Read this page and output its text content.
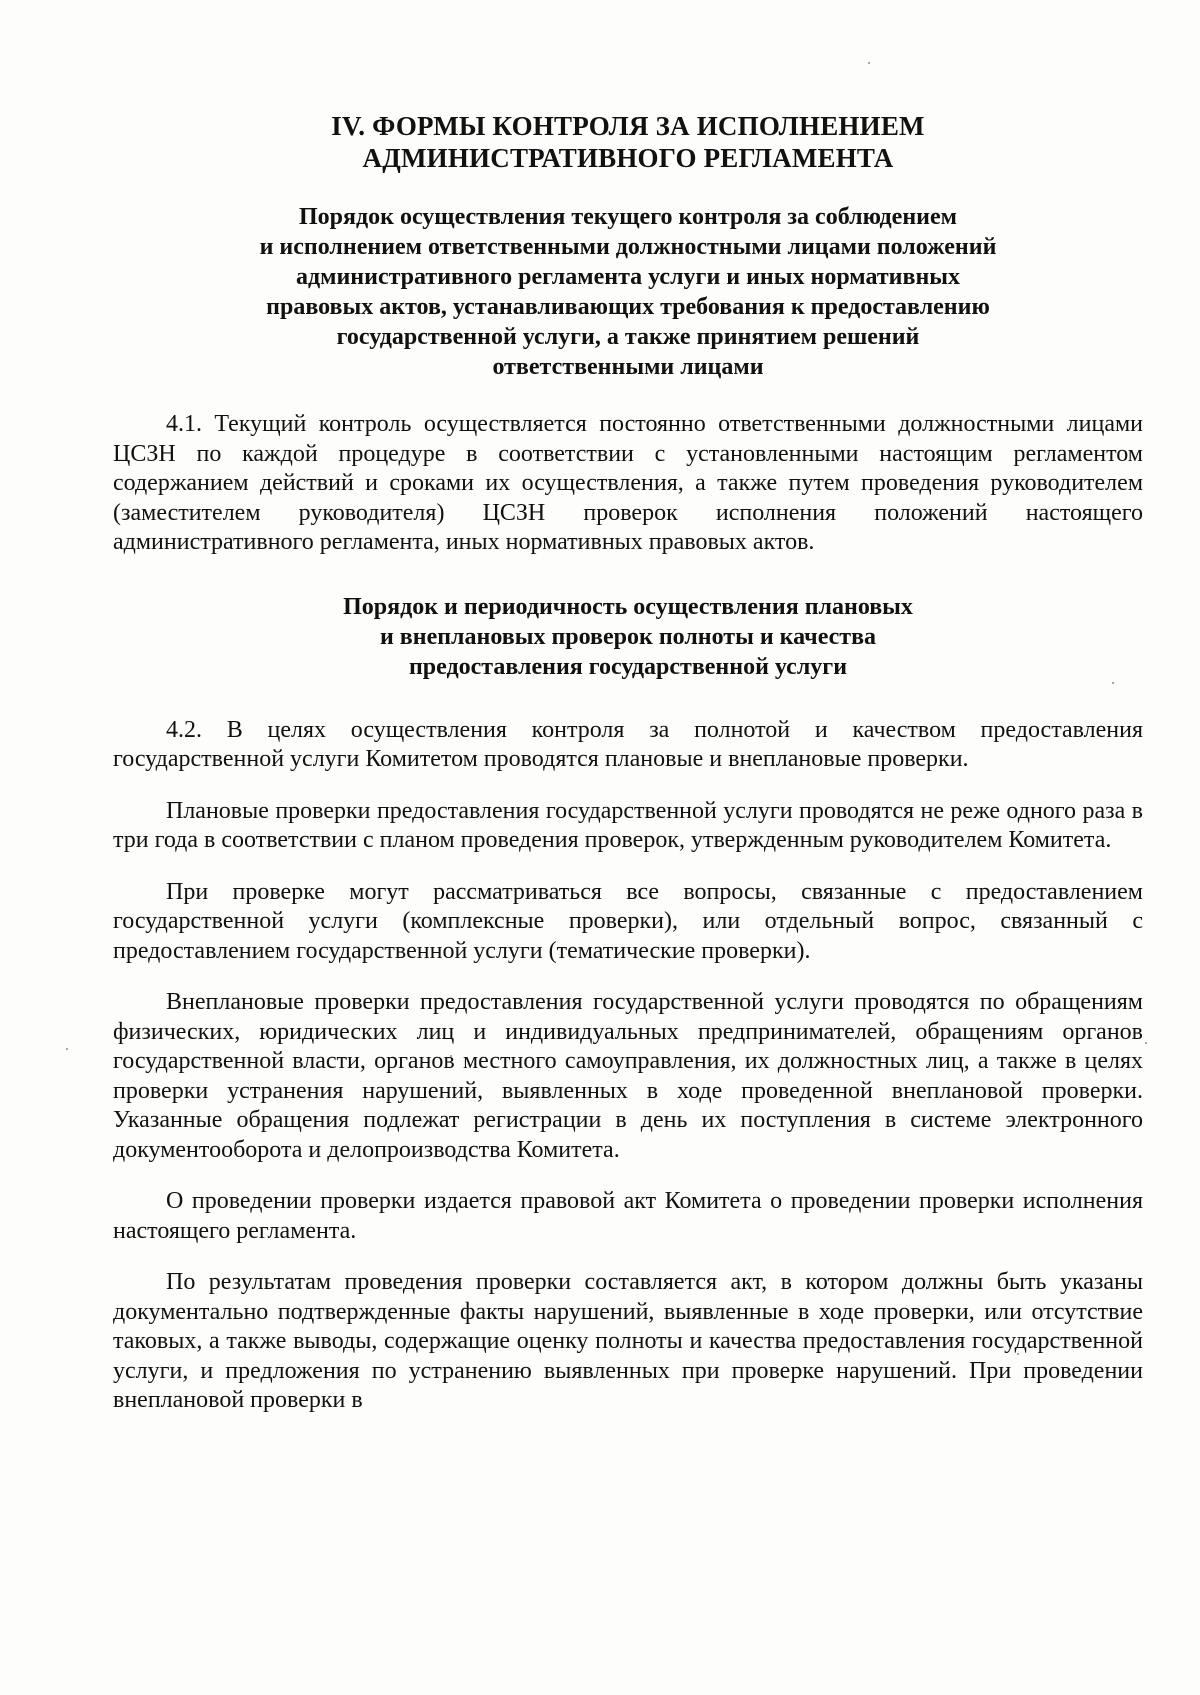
IV. ФОРМЫ КОНТРОЛЯ ЗА ИСПОЛНЕНИЕМ
АДМИНИСТРАТИВНОГО РЕГЛАМЕНТА
Порядок осуществления текущего контроля за соблюдением
и исполнением ответственными должностными лицами положений
административного регламента услуги и иных нормативных
правовых актов, устанавливающих требования к предоставлению
государственной услуги, а также принятием решений
ответственными лицами

4.1. Текущий контроль осуществляется постоянно ответственными должностными лицами ЦСЗН по каждой процедуре в соответствии с установленными настоящим регламентом содержанием действий и сроками их осуществления, а также путем проведения руководителем (заместителем руководителя) ЦСЗН проверок исполнения положений настоящего административного регламента, иных нормативных правовых актов.

Порядок и периодичность осуществления плановых
и внеплановых проверок полноты и качества
предоставления государственной услуги

4.2. В целях осуществления контроля за полнотой и качеством предоставления государственной услуги Комитетом проводятся плановые и внеплановые проверки.

Плановые проверки предоставления государственной услуги проводятся не реже одного раза в три года в соответствии с планом проведения проверок, утвержденным руководителем Комитета.

При проверке могут рассматриваться все вопросы, связанные с предоставлением государственной услуги (комплексные проверки), или отдельный вопрос, связанный с предоставлением государственной услуги (тематические проверки).

Внеплановые проверки предоставления государственной услуги проводятся по обращениям физических, юридических лиц и индивидуальных предпринимателей, обращениям органов государственной власти, органов местного самоуправления, их должностных лиц, а также в целях проверки устранения нарушений, выявленных в ходе проведенной внеплановой проверки. Указанные обращения подлежат регистрации в день их поступления в системе электронного документооборота и делопроизводства Комитета.

О проведении проверки издается правовой акт Комитета о проведении проверки исполнения настоящего регламента.

По результатам проведения проверки составляется акт, в котором должны быть указаны документально подтвержденные факты нарушений, выявленные в ходе проверки, или отсутствие таковых, а также выводы, содержащие оценку полноты и качества предоставления государственной услуги, и предложения по устранению выявленных при проверке нарушений. При проведении внеплановой проверки в
